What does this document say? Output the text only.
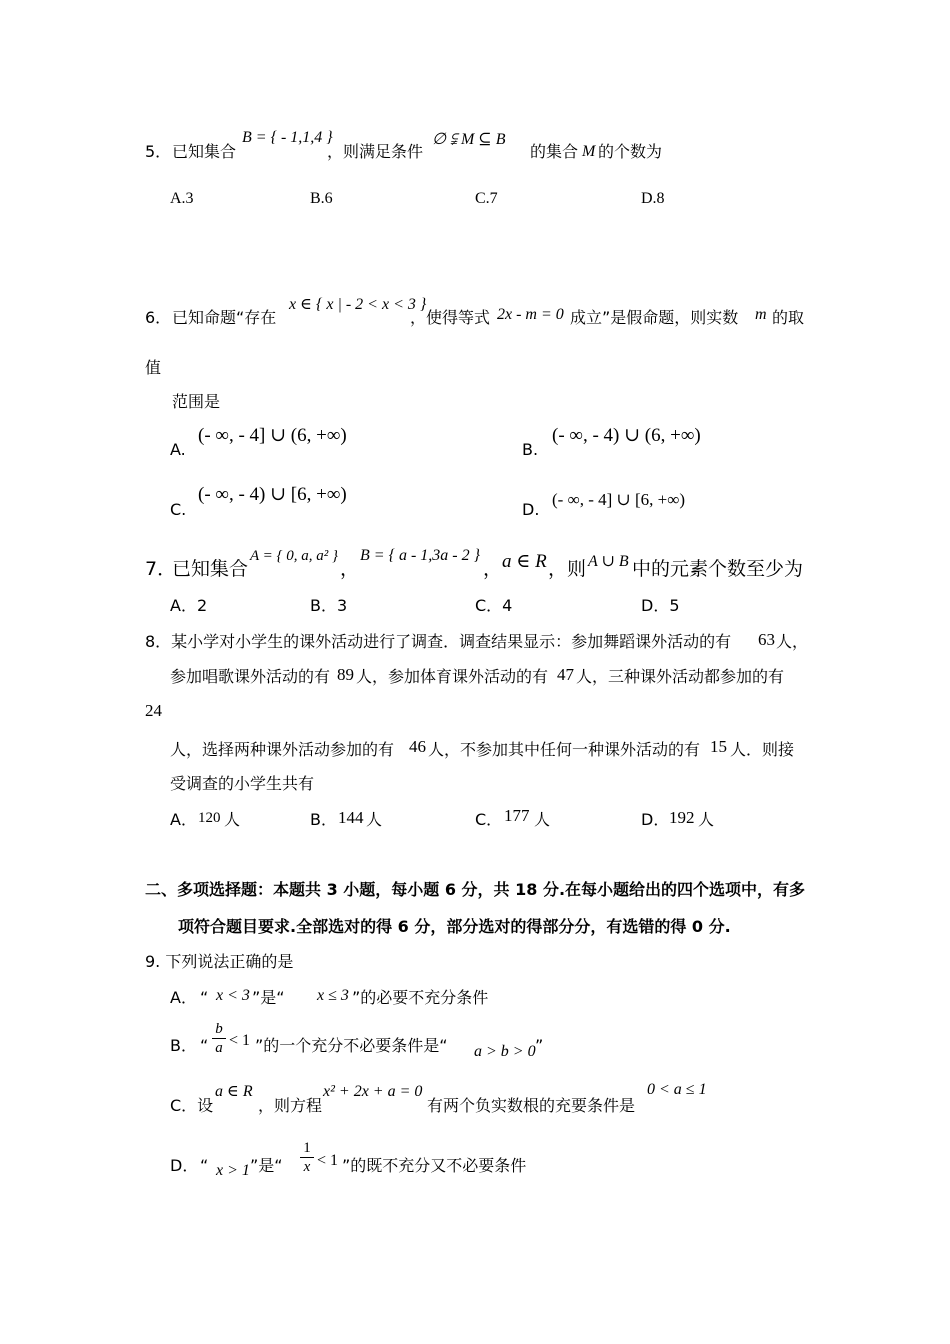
5． 已知集合
B = { - 1,1,4 }
，则满足条件
∅ ⫋ M ⊆ B
的集合 M 的个数为
A.3	B.6	C.7	D.8
6． 已知命题“存在
x ∈ { x | - 2 < x < 3 }
，使得等式 2x - m = 0 成立”是假命题，则实数 m 的取
值
范围是
A.
(- ∞, - 4] ∪ (6, +∞)
B.
(- ∞, - 4) ∪ (6, +∞)
C.
(- ∞, - 4) ∪ [6, +∞)
D.
(- ∞, - 4] ∪ [6, +∞)
7．
已知集合
A = { 0, a, a² }
，
B = { a - 1,3a - 2 }
， a ∈ R ，则 A ∪ B 中的元素个数至少为
A．2	B．3	C．4	D．5
8．某小学对小学生的课外活动进行了调查．调查结果显示：参加舞蹈课外活动的有 63 人，
参加唱歌课外活动的有 89 人，参加体育课外活动的有 47 人，三种课外活动都参加的有
24
人，选择两种课外活动参加的有 46 人，不参加其中任何一种课外活动的有 15 人．则接
受调查的小学生共有
A． 120 人	B． 144 人	C． 177 人	D． 192 人
二、多项选择题：本题共 3 小题，每小题 6 分，共 18 分.在每小题给出的四个选项中，有多
项符合题目要求.全部选对的得 6 分，部分选对的得部分分，有选错的得 0 分.
9. 下列说法正确的是
A． “ x < 3 ”是“ x ≤ 3 ”的必要不充分条件
B． “
b
a < 1 ”的一个充分不必要条件是“ a > b > 0 ”
C．设
a ∈ R
，则方程
x² + 2x + a = 0
有两个负实数根的充要条件是
0 < a ≤ 1
D． “ x > 1 ”是“
1
x < 1 ”的既不充分又不必要条件
